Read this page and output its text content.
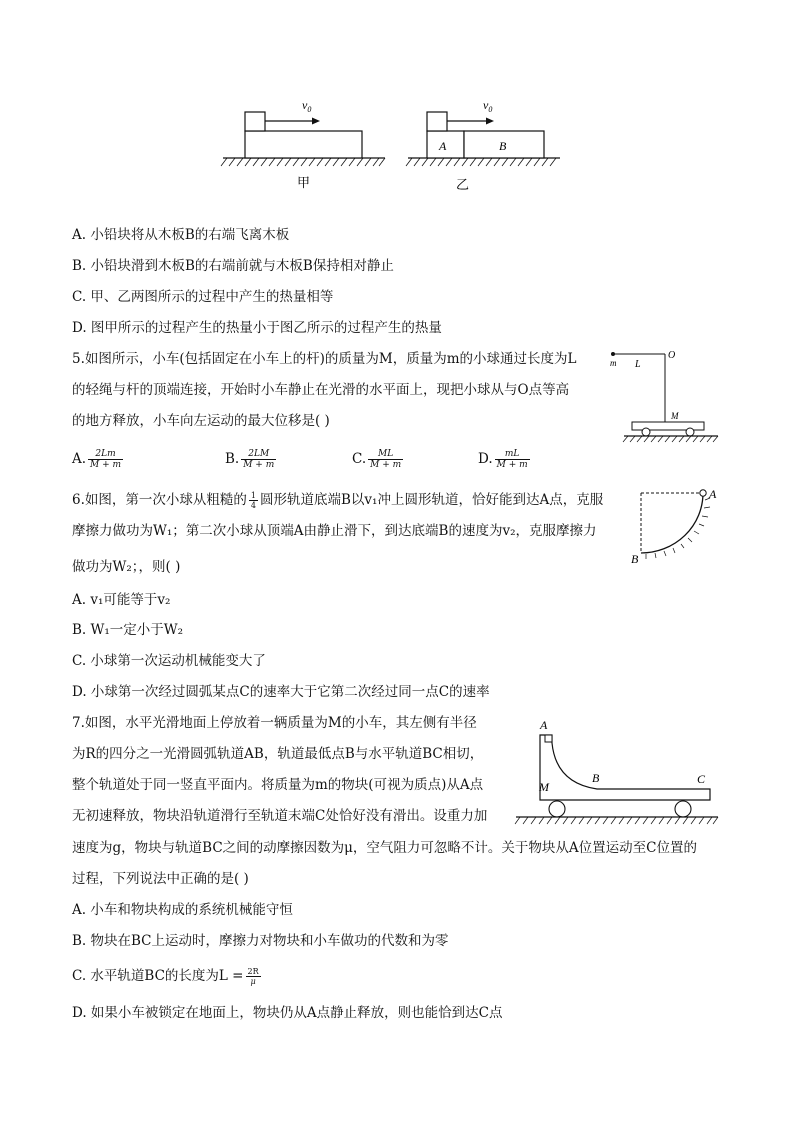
$v_0$
甲
$v_0$
A	B
乙
A. 小铅块将从木板B的右端飞离木板
B. 小铅块滑到木板B的右端前就与木板B保持相对静止
C. 甲、乙两图所示的过程中产生的热量相等
D. 图甲所示的过程产生的热量小于图乙所示的过程产生的热量
5.如图所示，小车(包括固定在小车上的杆)的质量为M，质量为m的小球通过长度为L
的轻绳与杆的顶端连接，开始时小车静止在光滑的水平面上，现把小球从与O点等高
的地方释放，小车向左运动的最大位移是( )
m L
O
M
A. $\frac{2Lm}{M + m}$	B. $\frac{2LM}{M + m}$	C. $\frac{ML}{M + m}$	D. $\frac{mL}{M + m}$
6.如图，第一次小球从粗糙的 $\frac{1}{4}$ 圆形轨道底端B以v₁冲上圆形轨道，恰好能到达A点，克服
摩擦力做功为W₁；第二次小球从顶端A由静止滑下，到达底端B的速度为v₂，克服摩擦力
做功为W₂；，则( )
A
B
A. v₁可能等于v₂
B. W₁一定小于W₂
C. 小球第一次运动机械能变大了
D. 小球第一次经过圆弧某点C的速率大于它第二次经过同一点C的速率
7.如图，水平光滑地面上停放着一辆质量为M的小车，其左侧有半径
为R的四分之一光滑圆弧轨道AB，轨道最低点B与水平轨道BC相切，
整个轨道处于同一竖直平面内。将质量为m的物块(可视为质点)从A点
无初速释放，物块沿轨道滑行至轨道末端C处恰好没有滑出。设重力加
速度为g，物块与轨道BC之间的动摩擦因数为μ，空气阻力可忽略不计。关于物块从A位置运动至C位置的
过程，下列说法中正确的是( )
A
B	C
M
A. 小车和物块构成的系统机械能守恒
B. 物块在BC上运动时，摩擦力对物块和小车做功的代数和为零
C. 水平轨道BC的长度为$L = \frac{2R}{\mu}$
D. 如果小车被锁定在地面上，物块仍从A点静止释放，则也能恰到达C点
